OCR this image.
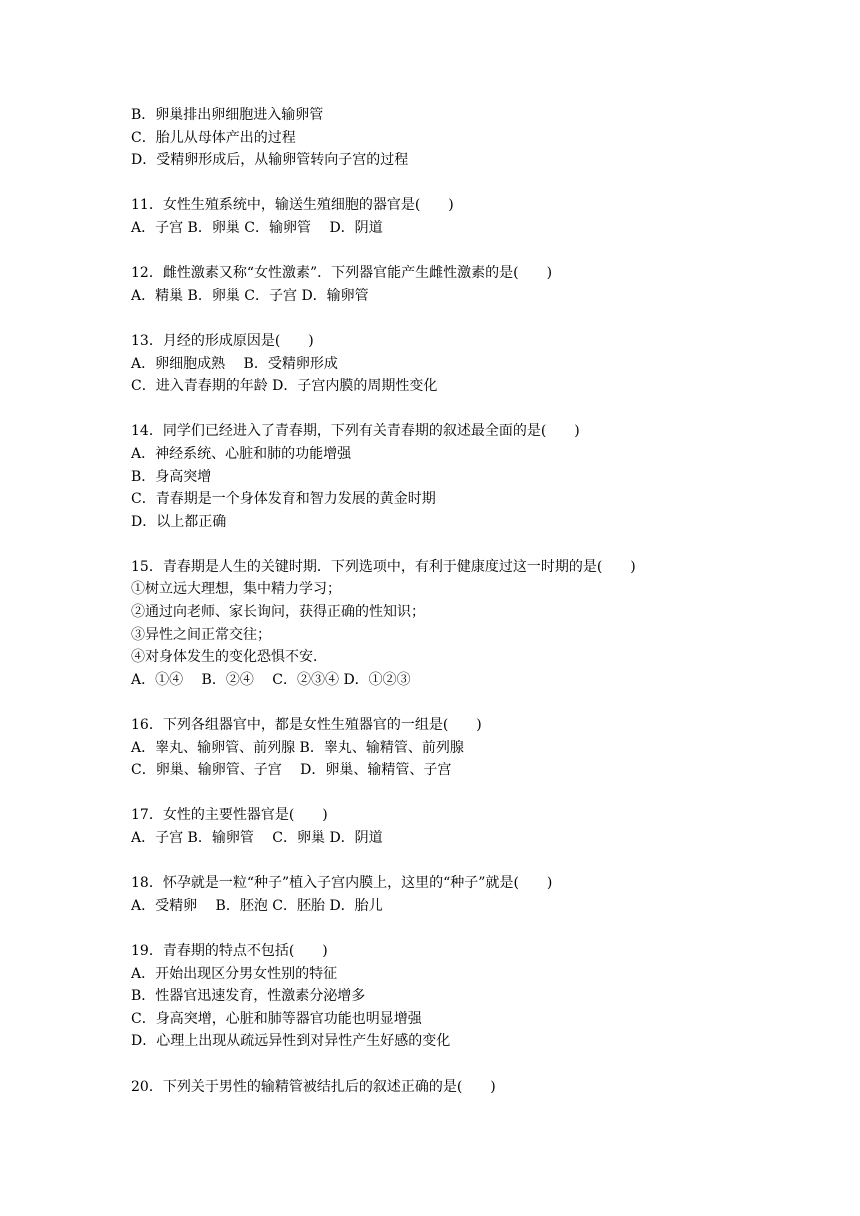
B．卵巢排出卵细胞进入输卵管
C．胎儿从母体产出的过程
D．受精卵形成后，从输卵管转向子宫的过程
11．女性生殖系统中，输送生殖细胞的器官是(　　)
A．子宫 B．卵巢 C．输卵管　 D．阴道
12．雌性激素又称“女性激素”．下列器官能产生雌性激素的是(　　)
A．精巢 B．卵巢 C．子宫 D．输卵管
13．月经的形成原因是(　　)
A．卵细胞成熟　 B．受精卵形成
C．进入青春期的年龄 D．子宫内膜的周期性变化
14．同学们已经进入了青春期，下列有关青春期的叙述最全面的是(　　)
A．神经系统、心脏和肺的功能增强
B．身高突增
C．青春期是一个身体发育和智力发展的黄金时期
D．以上都正确
15．青春期是人生的关键时期．下列选项中，有利于健康度过这一时期的是(　　)
①树立远大理想，集中精力学习；
②通过向老师、家长询问，获得正确的性知识；
③异性之间正常交往；
④对身体发生的变化恐惧不安．
A．①④　 B．②④　 C．②③④ D．①②③
16．下列各组器官中，都是女性生殖器官的一组是(　　)
A．睾丸、输卵管、前列腺 B．睾丸、输精管、前列腺
C．卵巢、输卵管、子宫　 D．卵巢、输精管、子宫
17．女性的主要性器官是(　　)
A．子宫 B．输卵管　 C．卵巢 D．阴道
18．怀孕就是一粒“种子”植入子宫内膜上，这里的“种子”就是(　　)
A．受精卵　 B．胚泡 C．胚胎 D．胎儿
19．青春期的特点不包括(　　)
A．开始出现区分男女性别的特征
B．性器官迅速发育，性激素分泌增多
C．身高突增，心脏和肺等器官功能也明显增强
D．心理上出现从疏远异性到对异性产生好感的变化
20．下列关于男性的输精管被结扎后的叙述正确的是(　　)
